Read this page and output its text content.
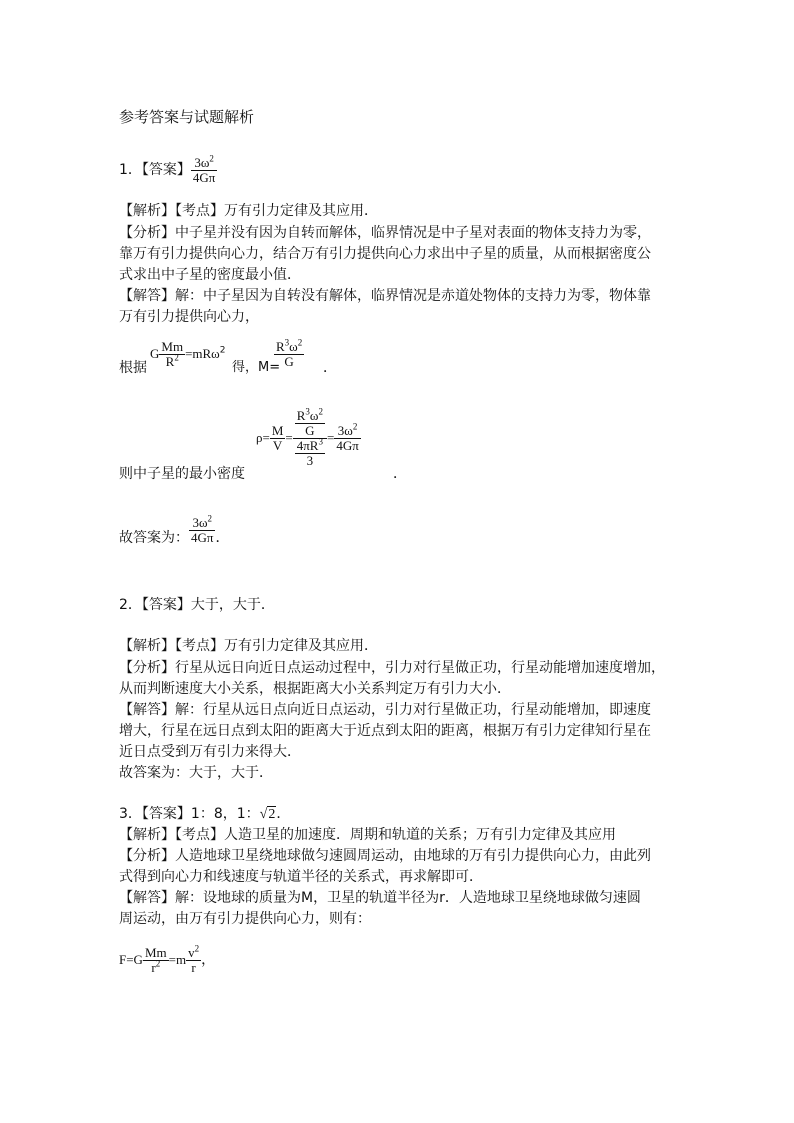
参考答案与试题解析
1．【答案】 $\frac{3\omega^2}{4G\pi}$
【解析】【考点】万有引力定律及其应用．
【分析】中子星并没有因为自转而解体，临界情况是中子星对表面的物体支持力为零，
靠万有引力提供向心力，结合万有引力提供向心力求出中子星的质量，从而根据密度公
式求出中子星的密度最小值．
【解答】解：中子星因为自转没有解体，临界情况是赤道处物体的支持力为零，物体靠
万有引力提供向心力，
根据
G $\frac{Mm}{R^2} =mR\omega^2$
得，M=
$\frac{R^3\omega^2}{G}$ ．
则中子星的最小密度
$\rho= \frac{M}{V} = \frac{\frac{R^3\omega^2}{G}}{\frac{4\pi R^3}{3}} = \frac{3\omega^2}{4G\pi}$
．
故答案为： $\frac{3\omega^2}{4G\pi}$ ．
2．【答案】大于，大于．
【解析】【考点】万有引力定律及其应用．
【分析】行星从远日向近日点运动过程中，引力对行星做正功，行星动能增加速度增加，
从而判断速度大小关系，根据距离大小关系判定万有引力大小．
【解答】解：行星从远日点向近日点运动，引力对行星做正功，行星动能增加，即速度
增大，行星在远日点到太阳的距离大于近点到太阳的距离，根据万有引力定律知行星在
近日点受到万有引力来得大．
故答案为：大于，大于．
3．【答案】1：8，1：√2．
【解析】【考点】人造卫星的加速度．周期和轨道的关系；万有引力定律及其应用
【分析】人造地球卫星绕地球做匀速圆周运动，由地球的万有引力提供向心力，由此列
式得到向心力和线速度与轨道半径的关系式，再求解即可．
【解答】解：设地球的质量为M，卫星的轨道半径为r．人造地球卫星绕地球做匀速圆
周运动，由万有引力提供向心力，则有：
$F=G \frac{Mm}{r^2} =m \frac{v^2}{r}$ ，
